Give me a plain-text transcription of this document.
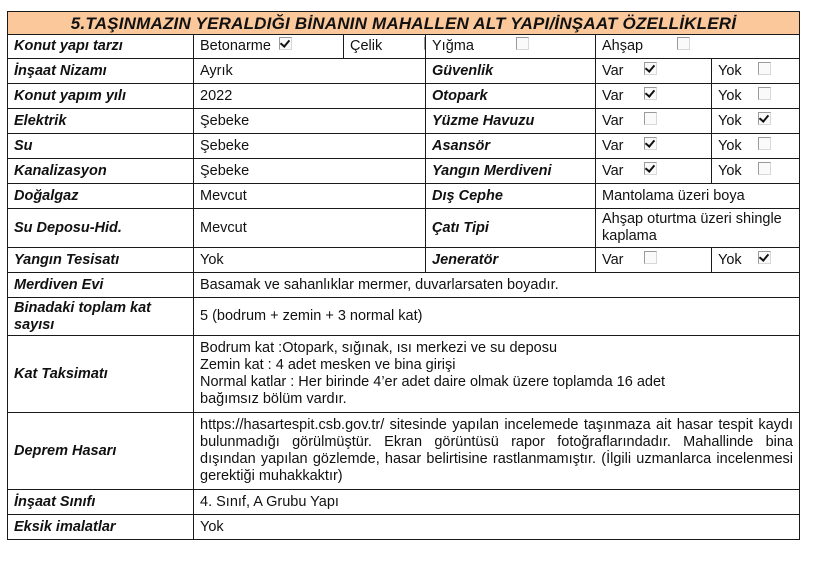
5.TAŞINMAZIN YERALDIĞI BİNANIN MAHALLEN ALT YAPI/İNŞAAT ÖZELLİKLERİ					
Konut yapı tarzı	Betonarme	Çelik	Yığma	Ahşap	
İnşaat Nizamı	Ayrık		Güvenlik	Var	Yok
Konut yapım yılı	2022		Otopark	Var	Yok
Elektrik	Şebeke		Yüzme Havuzu	Var	Yok
Su	Şebeke		Asansör	Var	Yok
Kanalizasyon	Şebeke		Yangın Merdiveni	Var	Yok
Doğalgaz	Mevcut		Dış Cephe	Mantolama üzeri boya	
Su Deposu-Hid.	Mevcut		Çatı Tipi	Ahşap oturtma üzeri shingle kaplama	
Yangın Tesisatı	Yok		Jeneratör	Var	Yok
Merdiven Evi	Basamak ve sahanlıklar mermer, duvarlarsaten boyadır.				
Binadaki toplam kat sayısı	5 (bodrum + zemin + 3 normal kat)				
Kat Taksimatı	Bodrum kat :Otopark, sığınak, ısı merkezi ve su deposu
Zemin kat : 4 adet mesken ve bina girişi
Normal katlar : Her birinde 4’er adet daire olmak üzere toplamda 16 adet bağımsız bölüm vardır.				

Deprem Hasarı	https://hasartespit.csb.gov.tr/ sitesinde yapılan incelemede taşınmaza ait hasar tespit kaydı bulunmadığı görülmüştür. Ekran görüntüsü rapor fotoğraflarındadır. Mahallinde bina dışından yapılan gözlemde, hasar belirtisine rastlanmamıştır. (İlgili uzmanlarca incelenmesi gerektiği muhakkaktır)				
İnşaat Sınıfı	4. Sınıf, A Grubu Yapı				
Eksik imalatlar	Yok				
